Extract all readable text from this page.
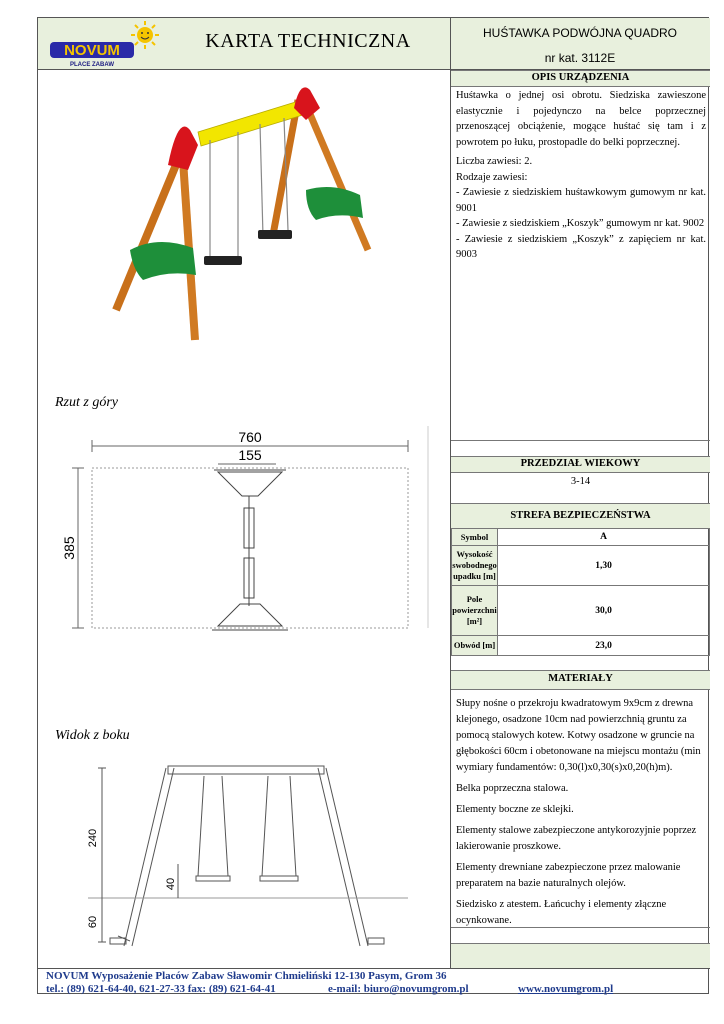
NOVUM
PLACE ZABAW
KARTA TECHNICZNA	HUŚTAWKA PODWÓJNA QUADRO
nr kat. 3112E
Rzut z góry
760
155
385
Widok z boku
240
40
60
OPIS URZĄDZENIA

Huśtawka o jednej osi obrotu. Siedziska zawieszone elastycznie i pojedynczo na belce poprzecznej przenoszącej obciążenie, mogące huśtać się tam i z powrotem po łuku, prostopadle do belki poprzecznej.

Liczba zawiesi: 2.

Rodzaje zawiesi:

- Zawiesie z siedziskiem huśtawkowym gumowym nr kat. 9001

- Zawiesie z siedziskiem „Koszyk” gumowym nr kat. 9002

- Zawiesie z siedziskiem „Koszyk” z zapięciem nr kat. 9003

PRZEDZIAŁ WIEKOWY
3-14
STREFA BEZPIECZEŃSTWA
Symbol	A
Wysokość swobodnego upadku [m]	1,30
Pole powierzchni [m²]	30,0
Obwód [m]	23,0
MATERIAŁY

Słupy nośne o przekroju kwadratowym 9x9cm z drewna klejonego, osadzone 10cm nad powierzchnią gruntu za pomocą stalowych kotew. Kotwy osadzone w gruncie na głębokości 60cm i obetonowane na miejscu montażu (min wymiary fundamentów: 0,30(l)x0,30(s)x0,20(h)m).

Belka poprzeczna stalowa.

Elementy boczne ze sklejki.

Elementy stalowe zabezpieczone antykorozyjnie poprzez lakierowanie proszkowe.

Elementy drewniane zabezpieczone przez malowanie preparatem na bazie naturalnych olejów.

Siedzisko z atestem. Łańcuchy i elementy złączne ocynkowane.

NOVUM Wyposażenie Placów Zabaw Sławomir Chmieliński 12-130 Pasym, Grom 36
tel.: (89) 621-64-40, 621-27-33 fax: (89) 621-64-41	e-mail: biuro@novumgrom.pl	www.novumgrom.pl
